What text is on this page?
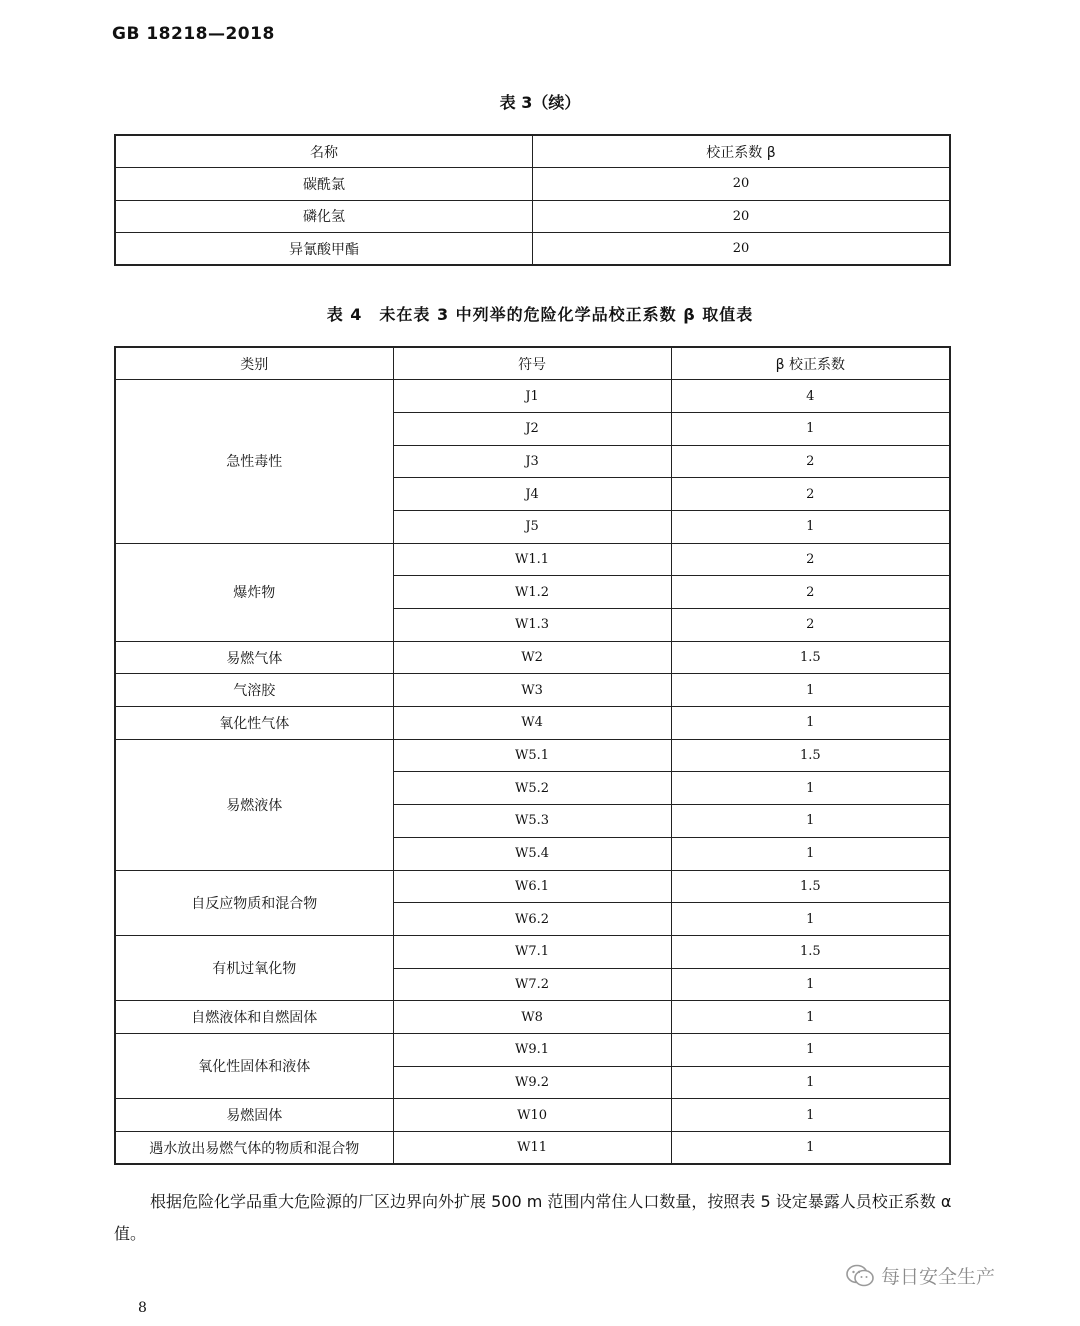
GB 18218—2018
表 3（续）
名称	校正系数 β
碳酰氯	20
磷化氢	20
异氰酸甲酯	20
表 4　未在表 3 中列举的危险化学品校正系数 β 取值表
类别	符号	β 校正系数
急性毒性	J1	4
	J2	1
	J3	2
	J4	2
	J5	1
爆炸物	W1.1	2
	W1.2	2
	W1.3	2
易燃气体	W2	1.5
气溶胶	W3	1
氧化性气体	W4	1
易燃液体	W5.1	1.5
	W5.2	1
	W5.3	1
	W5.4	1
自反应物质和混合物	W6.1	1.5
	W6.2	1
有机过氧化物	W7.1	1.5
	W7.2	1
自燃液体和自燃固体	W8	1
氧化性固体和液体	W9.1	1
	W9.2	1
易燃固体	W10	1
遇水放出易燃气体的物质和混合物	W11	1
根据危险化学品重大危险源的厂区边界向外扩展 500 m 范围内常住人口数量，按照表 5 设定暴露人员校正系数 α 值。
8
每日安全生产
